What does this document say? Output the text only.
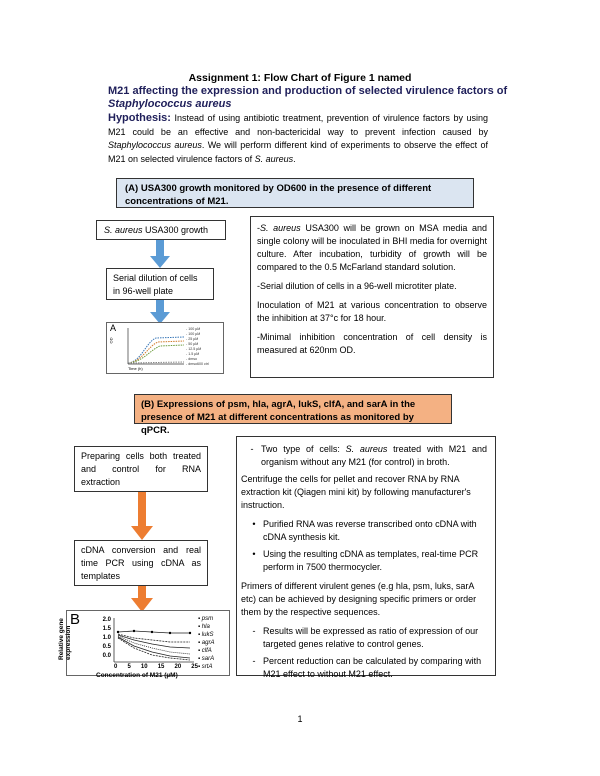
Assignment 1: Flow Chart of Figure 1 named
M21 affecting the expression and production of selected virulence factors of
Staphylococcus aureus
Hypothesis: Instead of using antibiotic treatment, prevention of virulence factors by using M21 could be an effective and non-bactericidal way to prevent infection caused by Staphylococcus aureus. We will perform different kind of experiments to observe the effect of M21 on selected virulence factors of S. aureus.
(A) USA300 growth monitored by OD600 in the presence of different concentrations of M21.
S. aureus USA300 growth
Serial dilution of cells in 96-well plate
A
OD
Time (h)
- 100 µM
- 100 µM
- 25 µM
- 50 µM
- 12.5 µM
- 1.5 µM
- dmso
- dmso600 ctrl

-S. aureus USA300 will be grown on MSA media and single colony will be inoculated in BHI media for overnight culture. After incubation, turbidity of growth will be compared to the 0.5 McFarland standard solution.

-Serial dilution of cells in a 96-well microtiter plate.

Inoculation of M21 at various concentration to observe the inhibition at 37°c for 18 hour.

-Minimal inhibition concentration of cell density is measured at 620nm OD.

(B) Expressions of psm, hla, agrA, lukS, clfA, and sarA in the presence of M21 at different concentrations as monitored by qPCR.
Preparing cells both treated and control for RNA extraction
cDNA conversion and real time PCR using cDNA as templates
B
Relative gene expression
2.0
1.5
1.0
0.5
0.0
0 5 10 15 20 25
Concentration of M21 (µM)
▪ psm
▪ hla
▪ lukS
▪ agrA
▪ clfA
▪ sarA
▪ srtA
- Two type of cells: S. aureus treated with M21 and organism without any M21 (for control) in broth.

Centrifuge the cells for pellet and recover RNA by RNA extraction kit (Qiagen mini kit) by following manufacturer's instruction.

• Purified RNA was reverse transcribed onto cDNA with cDNA synthesis kit.
• Using the resulting cDNA as templates, real-time PCR perform in 7500 thermocycler.

Primers of different virulent genes (e.g hla, psm, luks, sarA etc) can be achieved by designing specific primers or order them by the respective sequences.

- Results will be expressed as ratio of expression of our targeted genes relative to control genes.
- Percent reduction can be calculated by comparing with M21 effect to without M21 effect.
1
